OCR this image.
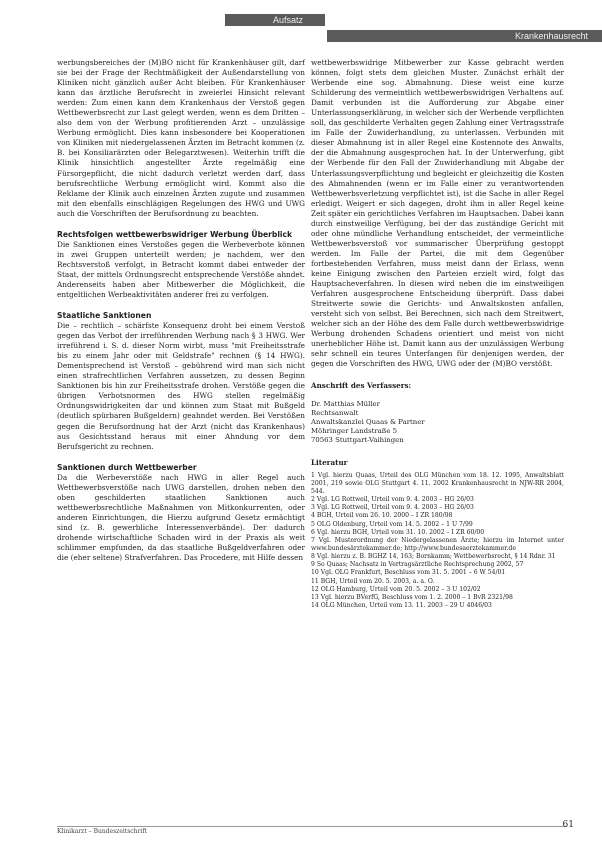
Aufsatz
Krankenhausrecht

werbungsbereiches der (M)BO nicht für Krankenhäuser gilt, darf sie bei der Frage der Rechtmäßigkeit der Außendarstellung von Kliniken nicht gänzlich außer Acht bleiben. Für Krankenhäuser kann das ärztliche Berufsrecht in zweierlei Hinsicht relevant werden: Zum einen kann dem Krankenhaus der Verstoß gegen Wettbewerbsrecht zur Last gelegt werden, wenn es dem Dritten – also dem von der Werbung profitierenden Arzt – unzulässige Werbung ermöglicht. Dies kann insbesondere bei Kooperationen von Kliniken mit niedergelassenen Ärzten im Betracht kommen (z. B. bei Konsiliarärzten oder Belegarztwesen). Weiterhin trifft die Klinik hinsichtlich angestellter Ärzte regelmäßig eine Fürsorgepflicht, die nicht dadurch verletzt werden darf, dass berufsrechtliche Werbung ermöglicht wird. Kommt also die Reklame der Klinik auch einzelnen Ärzten zugute und zusammen mit den ebenfalls einschlägigen Regelungen des HWG und UWG auch die Vorschriften der Berufsordnung zu beachten.

Rechtsfolgen wettbewerbswidriger Werbung Überblick

Die Sanktionen eines Verstoßes gegen die Werbeverbote können in zwei Gruppen unterteilt werden; je nachdem, wer den Rechtsverstoß verfolgt, in Betracht kommt dabei entweder der Staat, der mittels Ordnungsrecht entsprechende Verstöße ahndet. Anderenseits haben aber Mitbewerber die Möglichkeit, die entgeltlichen Werbeaktivitäten anderer frei zu verfolgen.

Staatliche Sanktionen

Die – rechtlich – schärfste Konsequenz droht bei einem Verstoß gegen das Verbot der irreführenden Werbung nach § 3 HWG. Wer irreführend i. S. d. dieser Norm wirbt, muss "mit Freiheitsstrafe bis zu einem Jahr oder mit Geldstrafe" rechnen (§ 14 HWG). Dementsprechend ist Verstoß – gebührend wird man sich nicht einen strafrechtlichen Verfahren aussetzen, zu dessen Beginn Sanktionen bis hin zur Freiheitsstrafe drohen. Verstöße gegen die übrigen Verbotsnormen des HWG stellen regelmäßig Ordnungswidrigkeiten dar und können zum Staat mit Bußgeld (deutlich spürbaren Bußgeldern) geahndet werden. Bei Verstößen gegen die Berufsordnung hat der Arzt (nicht das Krankenhaus) aus Gesichtsstand heraus mit einer Ahndung vor dem Berufsgericht zu rechnen.

Sanktionen durch Wettbewerber

Da die Werbeverstöße nach HWG in aller Regel auch Wettbewerbsverstöße nach UWG darstellen, drohen neben den oben geschilderten staatlichen Sanktionen auch wettbewerbsrechtliche Maßnahmen von Mitkonkurrenten, oder anderen Einrichtungen, die Hierzu aufgrund Gesetz ermächtigt sind (z. B. gewerbliche Interessenverbände). Der dadurch drohende wirtschaftliche Schaden wird in der Praxis als weit schlimmer empfunden, da das staatliche Bußgeldverfahren oder die (eher seltene) Strafverfahren. Das Procedere, mit Hilfe dessen

wettbewerbswidrige Mitbewerber zur Kasse gebracht werden können, folgt stets dem gleichen Muster. Zunächst erhält der Werbende eine sog. Abmahnung. Diese weist eine kurze Schilderung des vermeintlich wettbewerbswidrigen Verhaltens auf. Damit verbunden ist die Aufforderung zur Abgabe einer Unterlassungserklärung, in welcher sich der Werbende verpflichten soll, das geschilderte Verhalten gegen Zahlung einer Vertragsstrafe im Falle der Zuwiderhandlung, zu unterlassen. Verbunden mit dieser Abmahnung ist in aller Regel eine Kostennote des Anwalts, der die Abmahnung ausgesprochen hat. In der Unterwerfung, gibt der Werbende für den Fall der Zuwiderhandlung mit Abgabe der Unterlassungsverpflichtung und begleicht er gleichzeitig die Kosten des Abmahnenden (wenn er im Falle einer zu verantwortenden Wettbewerbsverletzung verpflichtet ist), ist die Sache in aller Regel erledigt. Weigert er sich dagegen, droht ihm in aller Regel keine Zeit später ein gerichtliches Verfahren im Hauptsachen. Dabei kann durch einstweilige Verfügung, bei der das zuständige Gericht mit oder ohne mündliche Verhandlung entscheidet, der vermeintliche Wettbewerbsverstoß vor summarischer Überprüfung gestoppt werden. Im Falle der Partei, die mit dem Gegenüber fortbestehenden Verfahren, muss meist dann der Erlass, wenn keine Einigung zwischen den Parteien erzielt wird, folgt das Hauptsacheverfahren. In diesen wird neben die im einstweiligen Verfahren ausgesprochene Entscheidung überprüft. Dass dabei Streitwerte sowie die Gerichts- und Anwaltskosten anfallen, versteht sich von selbst. Bei Berechnen, sich nach dem Streitwert, welcher sich an der Höhe des dem Falle durch wettbewerbswidrige Werbung drohenden Schadens orientiert und meist von nicht unerheblicher Höhe ist. Damit kann aus der unzulässigen Werbung sehr schnell ein teures Unterfangen für denjenigen werden, der gegen die Vorschriften des HWG, UWG oder der (M)BO verstößt.

Anschrift des Verfassers:
Dr. Matthias Müller
Rechtsanwalt
Anwaltskanzlei Quaas & Partner
Möhringer Landstraße 5
70563 Stuttgart-Vaihingen
Literatur
1 Vgl. hierzu Quaas, Urteil des OLG München vom 18. 12. 1995, Anwaltsblatt 2001, 219 sowie OLG Stuttgart 4. 11. 2002 Krankenhausrecht in NJW-RR 2004, 544.
2 Vgl. LG Rottweil, Urteil vom 9. 4. 2003 – HG 26/03
3 Vgl. LG Rottweil, Urteil vom 9. 4. 2003 – HG 26/03
4 BGH, Urteil vom 26. 10. 2000 – I ZR 180/98
5 OLG Oldenburg, Urteil vom 14. 5. 2002 – 1 U 7/99
6 Vgl. hierzu BGH, Urteil vom 31. 10. 2002 – I ZR 60/00
7 Vgl. Musterordnung der Niedergelassenen Ärzte; hierzu im Internet unter www.bundesärztekammer.de; http://www.bundesaerztekammer.de
8 Vgl. hierzu z. B. BGHZ 14, 163; Bornkamm; Wettbewerbsrecht, § 14 Rdnr. 31
9 So Quaas; Nachsatz in Vertragsärztliche Rechtsprechung 2002, 57
10 Vgl. OLG Frankfurt, Beschluss vom 31. 5. 2001 – 6 W 54/01
11 BGH, Urteil vom 20. 5. 2003, a. a. O.
12 OLG Hamburg, Urteil vom 20. 5. 2002 – 3 U 102/02
13 Vgl. hierzu BVerfG, Beschluss vom 1. 2. 2000 – 1 BvR 2321/98
14 OLG München, Urteil vom 13. 11. 2003 – 29 U 4046/03
Klinikarzt – Bundeszeitschrift
61
